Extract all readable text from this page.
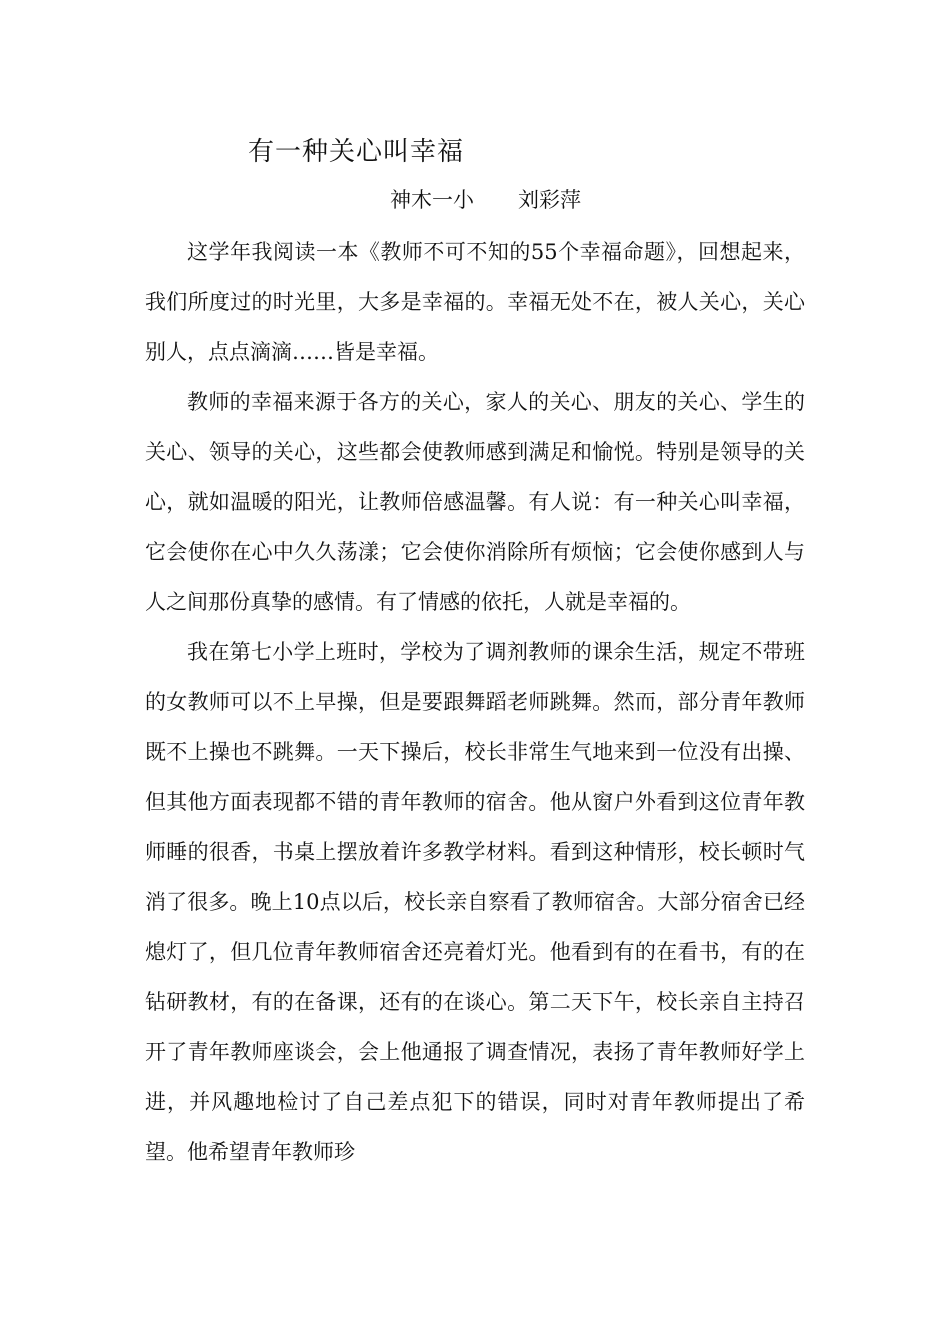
有一种关心叫幸福
神木一小 刘彩萍

这学年我阅读一本《教师不可不知的55个幸福命题》，回想起来，我们所度过的时光里，大多是幸福的。幸福无处不在，被人关心，关心别人，点点滴滴……皆是幸福。

教师的幸福来源于各方的关心，家人的关心、朋友的关心、学生的关心、领导的关心，这些都会使教师感到满足和愉悦。特别是领导的关心，就如温暖的阳光，让教师倍感温馨。有人说：有一种关心叫幸福，它会使你在心中久久荡漾；它会使你消除所有烦恼；它会使你感到人与人之间那份真挚的感情。有了情感的依托，人就是幸福的。

我在第七小学上班时，学校为了调剂教师的课余生活，规定不带班的女教师可以不上早操，但是要跟舞蹈老师跳舞。然而，部分青年教师既不上操也不跳舞。一天下操后，校长非常生气地来到一位没有出操、但其他方面表现都不错的青年教师的宿舍。他从窗户外看到这位青年教师睡的很香，书桌上摆放着许多教学材料。看到这种情形，校长顿时气消了很多。晚上10点以后，校长亲自察看了教师宿舍。大部分宿舍已经熄灯了，但几位青年教师宿舍还亮着灯光。他看到有的在看书，有的在钻研教材，有的在备课，还有的在谈心。第二天下午，校长亲自主持召开了青年教师座谈会，会上他通报了调查情况，表扬了青年教师好学上进，并风趣地检讨了自己差点犯下的错误，同时对青年教师提出了希望。他希望青年教师珍
